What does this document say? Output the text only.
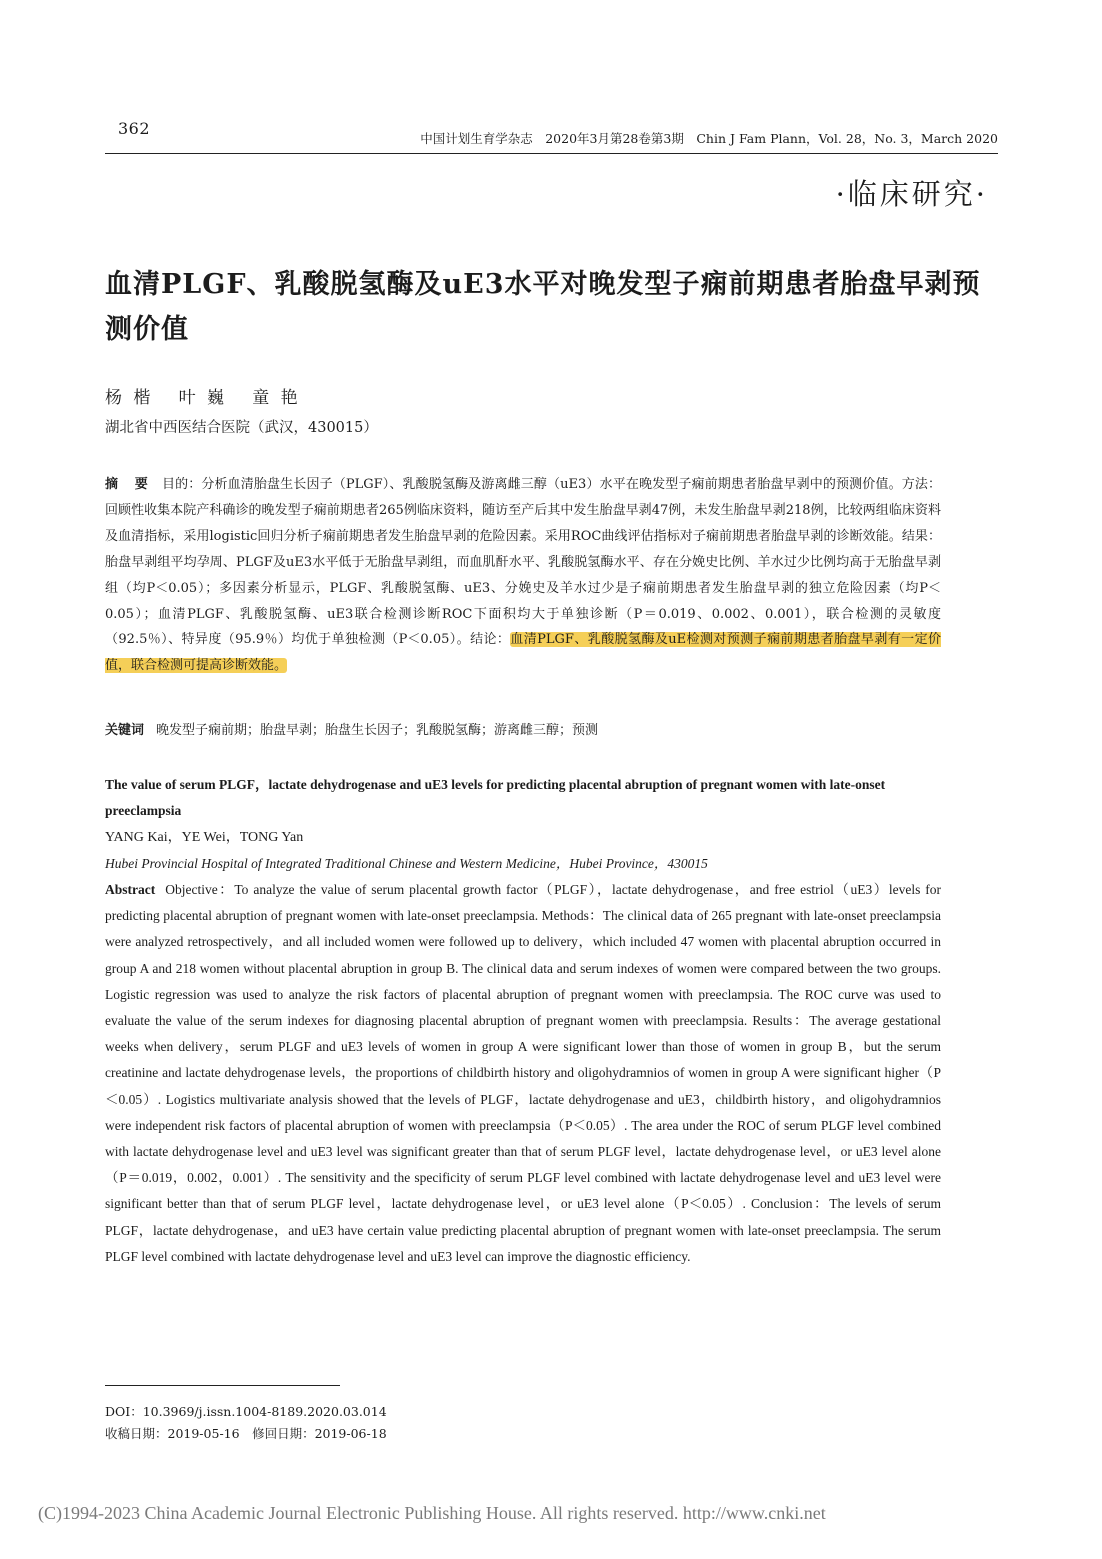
362
中国计划生育学杂志　2020年3月第28卷第3期　Chin J Fam Plann，Vol. 28，No. 3，March 2020
·临床研究·
血清PLGF、乳酸脱氢酶及uE3水平对晚发型子痫前期患者胎盘早剥预测价值
杨 楷   叶 巍   童 艳
湖北省中西医结合医院（武汉，430015）
摘 要 目的：分析血清胎盘生长因子（PLGF）、乳酸脱氢酶及游离雌三醇（uE3）水平在晚发型子痫前期患者胎盘早剥中的预测价值。方法：回顾性收集本院产科确诊的晚发型子痫前期患者265例临床资料，随访至产后其中发生胎盘早剥47例，未发生胎盘早剥218例，比较两组临床资料及血清指标，采用logistic回归分析子痫前期患者发生胎盘早剥的危险因素。采用ROC曲线评估指标对子痫前期患者胎盘早剥的诊断效能。结果：胎盘早剥组平均孕周、PLGF及uE3水平低于无胎盘早剥组，而血肌酐水平、乳酸脱氢酶水平、存在分娩史比例、羊水过少比例均高于无胎盘早剥组（均P＜0.05）；多因素分析显示，PLGF、乳酸脱氢酶、uE3、分娩史及羊水过少是子痫前期患者发生胎盘早剥的独立危险因素（均P＜0.05）；血清PLGF、乳酸脱氢酶、uE3联合检测诊断ROC下面积均大于单独诊断（P＝0.019、0.002、0.001），联合检测的灵敏度（92.5％）、特异度（95.9％）均优于单独检测（P＜0.05）。结论：血清PLGF、乳酸脱氢酶及uE检测对预测子痫前期患者胎盘早剥有一定价值，联合检测可提高诊断效能。
关键词 晚发型子痫前期；胎盘早剥；胎盘生长因子；乳酸脱氢酶；游离雌三醇；预测
The value of serum PLGF，lactate dehydrogenase and uE3 levels for predicting placental abruption of pregnant women with late-onset preeclampsia
YANG Kai，YE Wei，TONG Yan
Hubei Provincial Hospital of Integrated Traditional Chinese and Western Medicine，Hubei Province，430015
Abstract Objective：To analyze the value of serum placental growth factor（PLGF），lactate dehydrogenase，and free estriol（uE3）levels for predicting placental abruption of pregnant women with late-onset preeclampsia. Methods：The clinical data of 265 pregnant with late-onset preeclampsia were analyzed retrospectively，and all included women were followed up to delivery，which included 47 women with placental abruption occurred in group A and 218 women without placental abruption in group B. The clinical data and serum indexes of women were compared between the two groups. Logistic regression was used to analyze the risk factors of placental abruption of pregnant women with preeclampsia. The ROC curve was used to evaluate the value of the serum indexes for diagnosing placental abruption of pregnant women with preeclampsia. Results：The average gestational weeks when delivery，serum PLGF and uE3 levels of women in group A were significant lower than those of women in group B，but the serum creatinine and lactate dehydrogenase levels，the proportions of childbirth history and oligohydramnios of women in group A were significant higher（P＜0.05）. Logistics multivariate analysis showed that the levels of PLGF，lactate dehydrogenase and uE3，childbirth history，and oligohydramnios were independent risk factors of placental abruption of women with preeclampsia（P＜0.05）. The area under the ROC of serum PLGF level combined with lactate dehydrogenase level and uE3 level was significant greater than that of serum PLGF level，lactate dehydrogenase level，or uE3 level alone（P＝0.019，0.002，0.001）. The sensitivity and the specificity of serum PLGF level combined with lactate dehydrogenase level and uE3 level were significant better than that of serum PLGF level，lactate dehydrogenase level，or uE3 level alone（P＜0.05）. Conclusion：The levels of serum PLGF，lactate dehydrogenase，and uE3 have certain value predicting placental abruption of pregnant women with late-onset preeclampsia. The serum PLGF level combined with lactate dehydrogenase level and uE3 level can improve the diagnostic efficiency.
DOI：10.3969/j.issn.1004-8189.2020.03.014
收稿日期：2019-05-16　修回日期：2019-06-18
(C)1994-2023 China Academic Journal Electronic Publishing House. All rights reserved. http://www.cnki.net
